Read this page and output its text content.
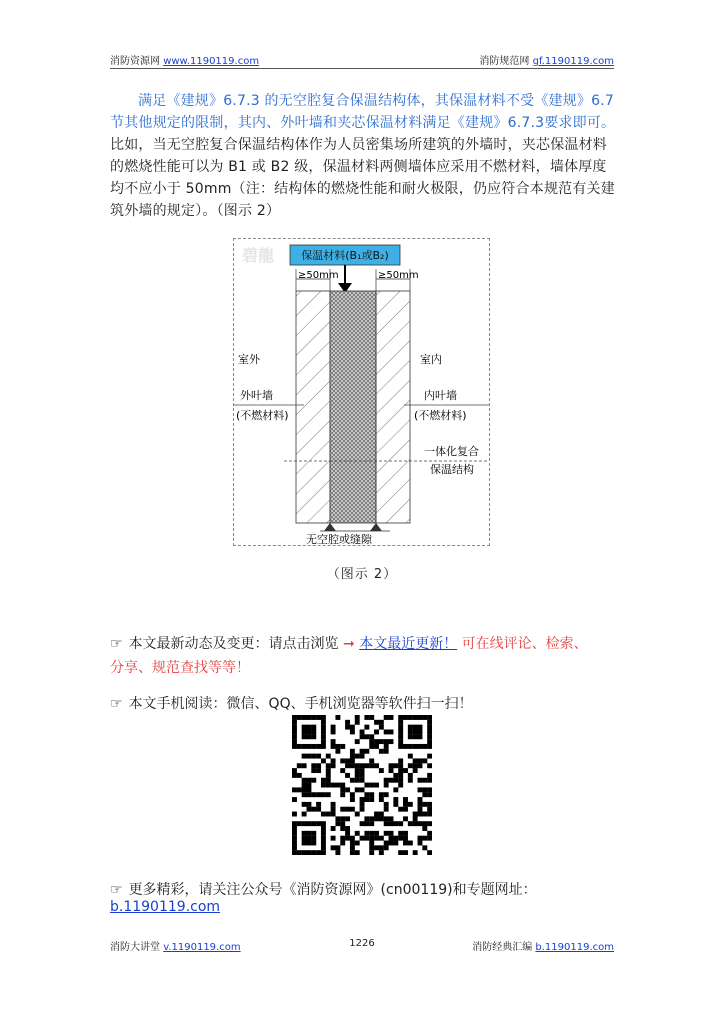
消防资源网 www.1190119.com	消防规范网 gf.1190119.com
满足《建规》6.7.3 的无空腔复合保温结构体，其保温材料不受《建规》6.7 节其他规定的限制，其内、外叶墙和夹芯保温材料满足《建规》6.7.3要求即可。比如，当无空腔复合保温结构体作为人员密集场所建筑的外墙时，夹芯保温材料的燃烧性能可以为 B1 或 B2 级，保温材料两侧墙体应采用不燃材料，墙体厚度均不应小于 50mm（注：结构体的燃烧性能和耐火极限，仍应符合本规范有关建筑外墙的规定）。（图示 2）
碧龍 保温材料(B₁或B₂)
≥50mm	≥50mm
室外	室内
外叶墙
(不燃材料)
内叶墙
(不燃材料)
一体化复合
保温结构
无空腔或缝隙
（图示 2）
☞ 本文最新动态及变更：请点击浏览 ➞ 本文最近更新！ 可在线评论、检索、
分享、规范查找等等！
☞ 本文手机阅读：微信、QQ、手机浏览器等软件扫一扫！
☞ 更多精彩，请关注公众号《消防资源网》(cn00119)和专题网址：b.1190119.com
消防大讲堂 v.1190119.com	1226	消防经典汇编 b.1190119.com
